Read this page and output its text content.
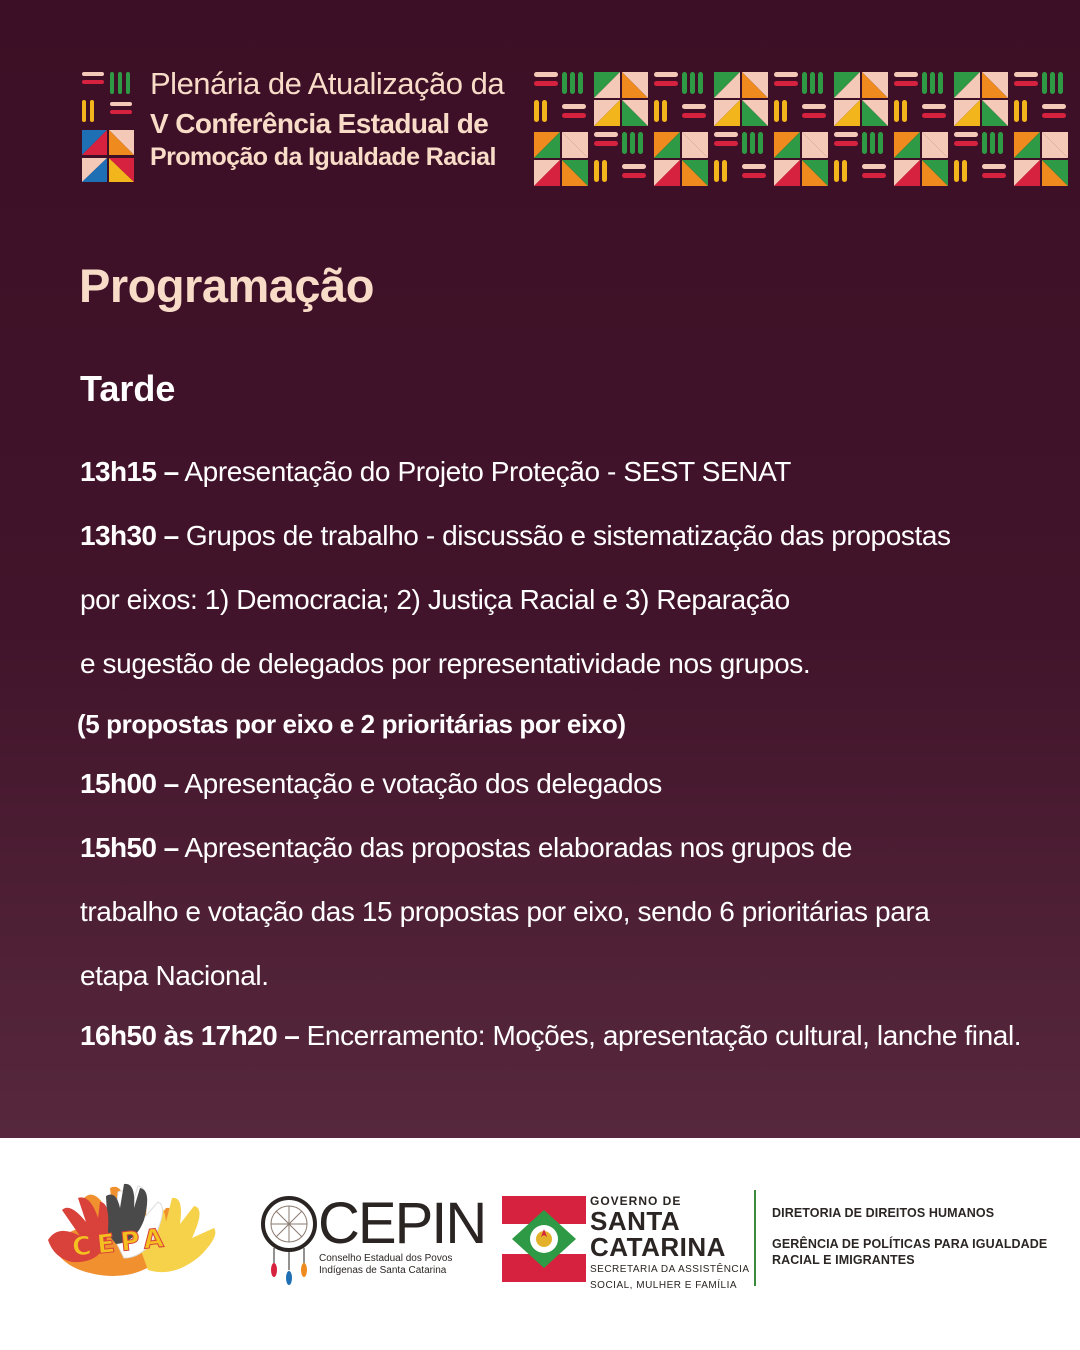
Plenária de Atualização da
V Conferência Estadual de
Promoção da Igualdade Racial
Programação
Tarde
13h15 – Apresentação do Projeto Proteção - SEST SENAT
13h30 – Grupos de trabalho - discussão e sistematização das propostas
por eixos: 1) Democracia; 2) Justiça Racial e 3) Reparação
e sugestão de delegados por representatividade nos grupos.
(5 propostas por eixo e 2 prioritárias por eixo)
15h00 – Apresentação e votação dos delegados
15h50 – Apresentação das propostas elaboradas nos grupos de
trabalho e votação das 15 propostas por eixo, sendo 6 prioritárias para
etapa Nacional.
16h50 às 17h20 – Encerramento: Moções, apresentação cultural, lanche final.
CEPA	CEPIN
Conselho Estadual dos Povos
Indígenas de Santa Catarina
GOVERNO DE
SANTA
CATARINA
SECRETARIA DA ASSISTÊNCIA
SOCIAL, MULHER E FAMÍLIA
DIRETORIA DE DIREITOS HUMANOS
GERÊNCIA DE POLÍTICAS PARA IGUALDADE
RACIAL E IMIGRANTES
